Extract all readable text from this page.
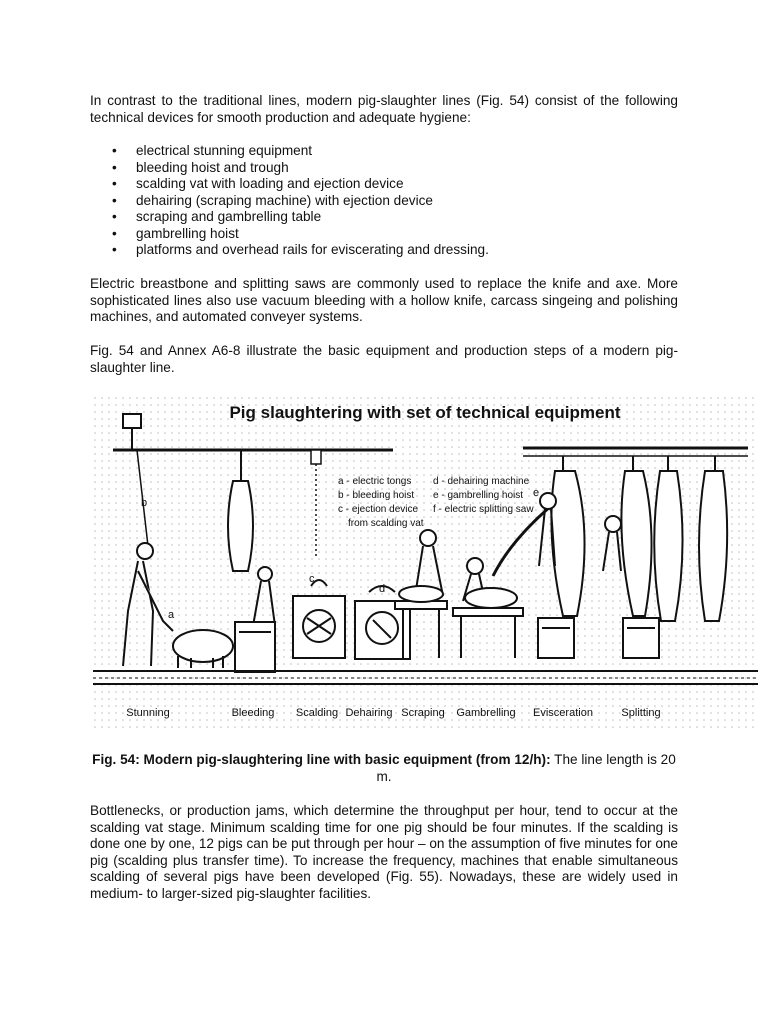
In contrast to the traditional lines, modern pig-slaughter lines (Fig. 54) consist of the following technical devices for smooth production and adequate hygiene:

• electrical stunning equipment
• bleeding hoist and trough
• scalding vat with loading and ejection device
• dehairing (scraping machine) with ejection device
• scraping and gambrelling table
• gambrelling hoist
• platforms and overhead rails for eviscerating and dressing.

Electric breastbone and splitting saws are commonly used to replace the knife and axe. More sophisticated lines also use vacuum bleeding with a hollow knife, carcass singeing and polishing machines, and automated conveyer systems.

Fig. 54 and Annex A6-8 illustrate the basic equipment and production steps of a modern pig-slaughter line.

Pig slaughtering with set of technical equipment
a
b
a - electric tongs
b - bleeding hoist
c - ejection device
from scalding vat
d - dehairing machine
e - gambrelling hoist
f - electric splitting saw
c
d
e
Stunning	Bleeding Scalding Dehairing Scraping Gambrelling Evisceration	Splitting

Fig. 54: Modern pig-slaughtering line with basic equipment (from 12/h): The line length is 20 m.

Bottlenecks, or production jams, which determine the throughput per hour, tend to occur at the scalding vat stage. Minimum scalding time for one pig should be four minutes. If the scalding is done one by one, 12 pigs can be put through per hour – on the assumption of five minutes for one pig (scalding plus transfer time). To increase the frequency, machines that enable simultaneous scalding of several pigs have been developed (Fig. 55). Nowadays, these are widely used in medium- to larger-sized pig-slaughter facilities.
